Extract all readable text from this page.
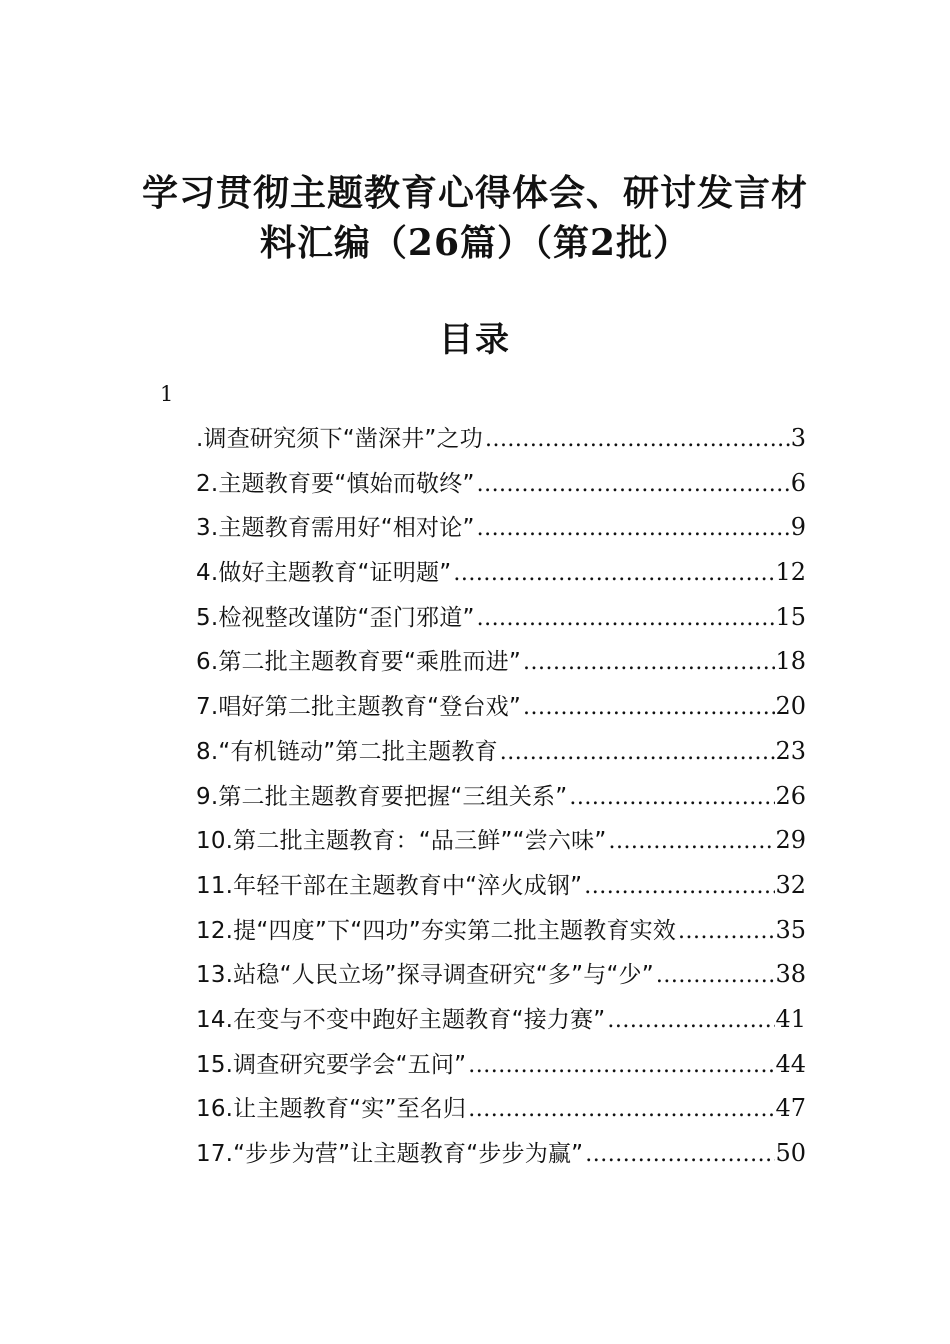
学习贯彻主题教育心得体会、研讨发言材
料汇编（26篇）（第2批）
目录
1
.调查研究须下“凿深井”之功 .....	3
2.主题教育要“慎始而敬终” .....	6
3.主题教育需用好“相对论” .....	9
4.做好主题教育“证明题” .....	12
5.检视整改谨防“歪门邪道” .....	15
6.第二批主题教育要“乘胜而进” .....	18
7.唱好第二批主题教育“登台戏” .....	20
8.“有机链动”第二批主题教育 .....	23
9.第二批主题教育要把握“三组关系” .....	26
10.第二批主题教育：“品三鲜”“尝六味” .....	29
11.年轻干部在主题教育中“淬火成钢” .....	32
12.提“四度”下“四功”夯实第二批主题教育实效 .....	35
13.站稳“人民立场”探寻调查研究“多”与“少” .....	38
14.在变与不变中跑好主题教育“接力赛” .....	41
15.调查研究要学会“五问” .....	44
16.让主题教育“实”至名归 .....	47
17.“步步为营”让主题教育“步步为赢” .....	50
